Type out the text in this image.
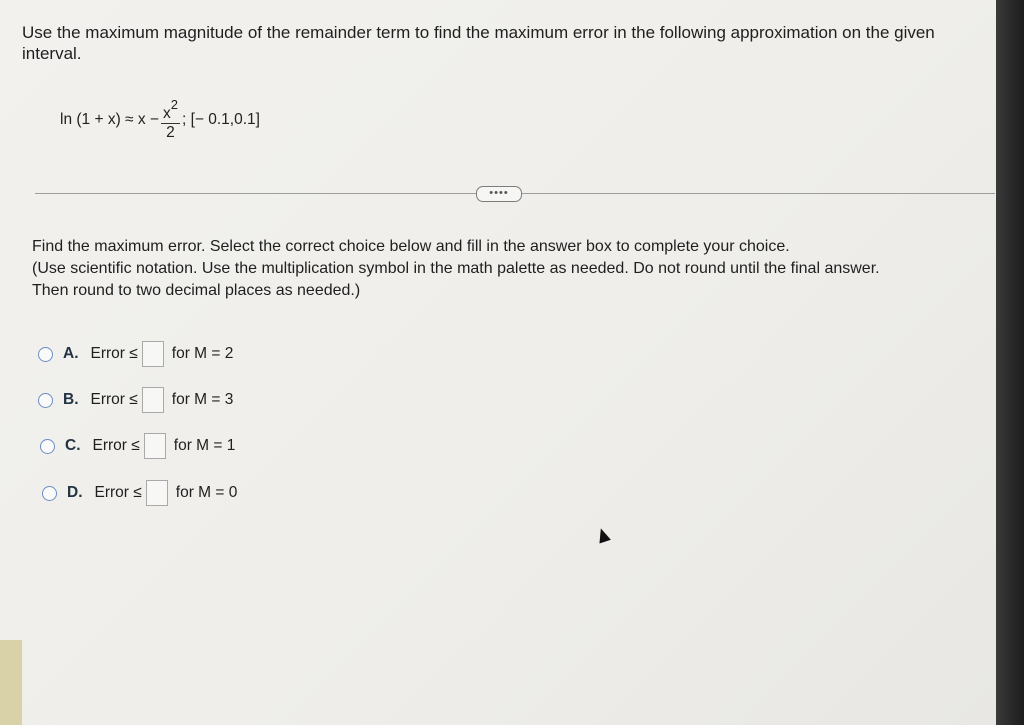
Use the maximum magnitude of the remainder term to find the maximum error in the following approximation on the given interval.
$\ln (1 + x) \approx x - \frac{x^2}{2}$ ; [− 0.1,0.1]
••••
Find the maximum error. Select the correct choice below and fill in the answer box to complete your choice.
(Use scientific notation. Use the multiplication symbol in the math palette as needed. Do not round until the final answer.
Then round to two decimal places as needed.)
A. Error ≤ for M = 2
B. Error ≤ for M = 3
C. Error ≤ for M = 1
D. Error ≤ for M = 0
